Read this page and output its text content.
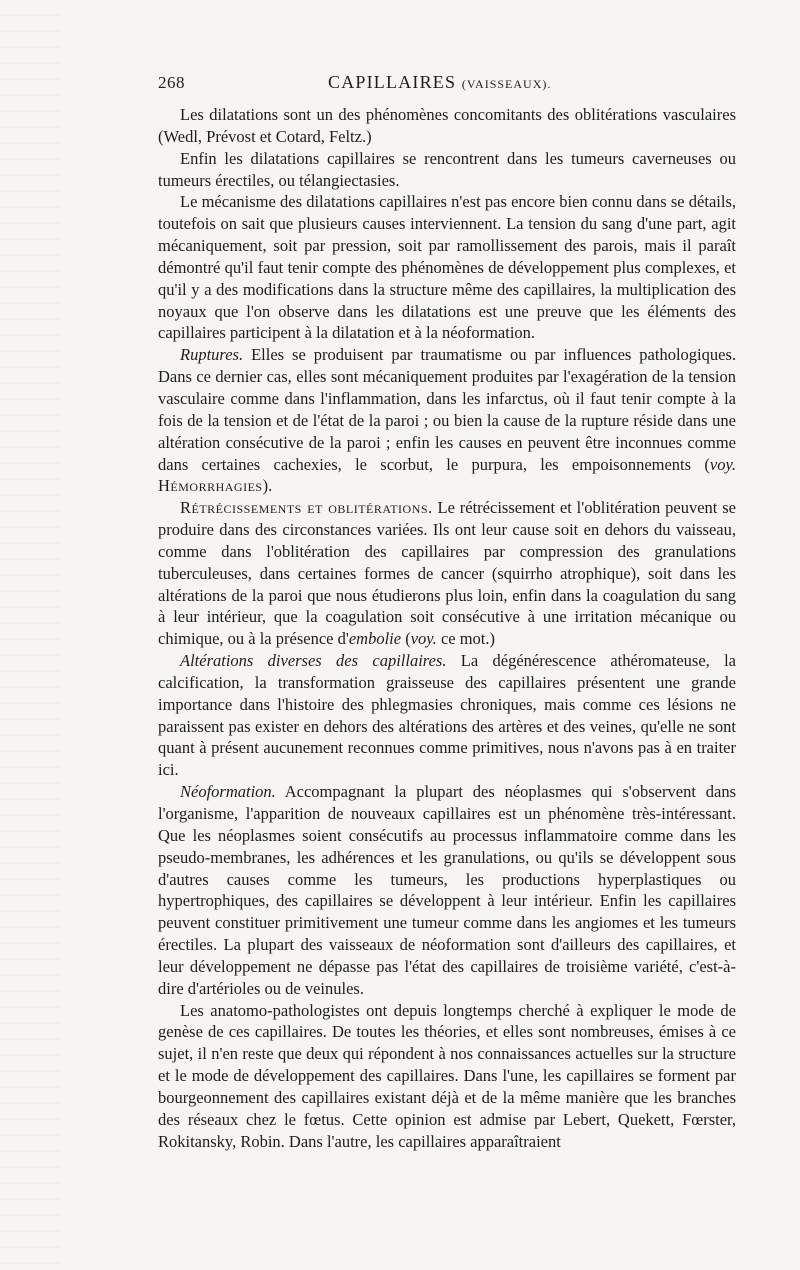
268	CAPILLAIRES (VAISSEAUX).

Les dilatations sont un des phénomènes concomitants des oblitérations vasculaires (Wedl, Prévost et Cotard, Feltz.)

Enfin les dilatations capillaires se rencontrent dans les tumeurs caverneuses ou tumeurs érectiles, ou télangiectasies.

Le mécanisme des dilatations capillaires n'est pas encore bien connu dans se détails, toutefois on sait que plusieurs causes interviennent. La tension du sang d'une part, agit mécaniquement, soit par pression, soit par ramollissement des parois, mais il paraît démontré qu'il faut tenir compte des phénomènes de développement plus complexes, et qu'il y a des modifications dans la structure même des capillaires, la multiplication des noyaux que l'on observe dans les dilatations est une preuve que les éléments des capillaires participent à la dilatation et à la néoformation.

Ruptures. Elles se produisent par traumatisme ou par influences pathologiques. Dans ce dernier cas, elles sont mécaniquement produites par l'exagération de la tension vasculaire comme dans l'inflammation, dans les infarctus, où il faut tenir compte à la fois de la tension et de l'état de la paroi ; ou bien la cause de la rupture réside dans une altération consécutive de la paroi ; enfin les causes en peuvent être inconnues comme dans certaines cachexies, le scorbut, le purpura, les empoisonnements (voy. Hémorrhagies).

Rétrécissements et oblitérations. Le rétrécissement et l'oblitération peuvent se produire dans des circonstances variées. Ils ont leur cause soit en dehors du vaisseau, comme dans l'oblitération des capillaires par compression des granulations tuberculeuses, dans certaines formes de cancer (squirrho atrophique), soit dans les altérations de la paroi que nous étudierons plus loin, enfin dans la coagulation du sang à leur intérieur, que la coagulation soit consécutive à une irritation mécanique ou chimique, ou à la présence d'embolie (voy. ce mot.)

Altérations diverses des capillaires. La dégénérescence athéromateuse, la calcification, la transformation graisseuse des capillaires présentent une grande importance dans l'histoire des phlegmasies chroniques, mais comme ces lésions ne paraissent pas exister en dehors des altérations des artères et des veines, qu'elle ne sont quant à présent aucunement reconnues comme primitives, nous n'avons pas à en traiter ici.

Néoformation. Accompagnant la plupart des néoplasmes qui s'observent dans l'organisme, l'apparition de nouveaux capillaires est un phénomène très-intéressant. Que les néoplasmes soient consécutifs au processus inflammatoire comme dans les pseudo-membranes, les adhérences et les granulations, ou qu'ils se développent sous d'autres causes comme les tumeurs, les productions hyperplastiques ou hypertrophiques, des capillaires se développent à leur intérieur. Enfin les capillaires peuvent constituer primitivement une tumeur comme dans les angiomes et les tumeurs érectiles. La plupart des vaisseaux de néoformation sont d'ailleurs des capillaires, et leur développement ne dépasse pas l'état des capillaires de troisième variété, c'est-à-dire d'artérioles ou de veinules.

Les anatomo-pathologistes ont depuis longtemps cherché à expliquer le mode de genèse de ces capillaires. De toutes les théories, et elles sont nombreuses, émises à ce sujet, il n'en reste que deux qui répondent à nos connaissances actuelles sur la structure et le mode de développement des capillaires. Dans l'une, les capillaires se forment par bourgeonnement des capillaires existant déjà et de la même manière que les branches des réseaux chez le fœtus. Cette opinion est admise par Lebert, Quekett, Fœrster, Rokitansky, Robin. Dans l'autre, les capillaires apparaîtraient
